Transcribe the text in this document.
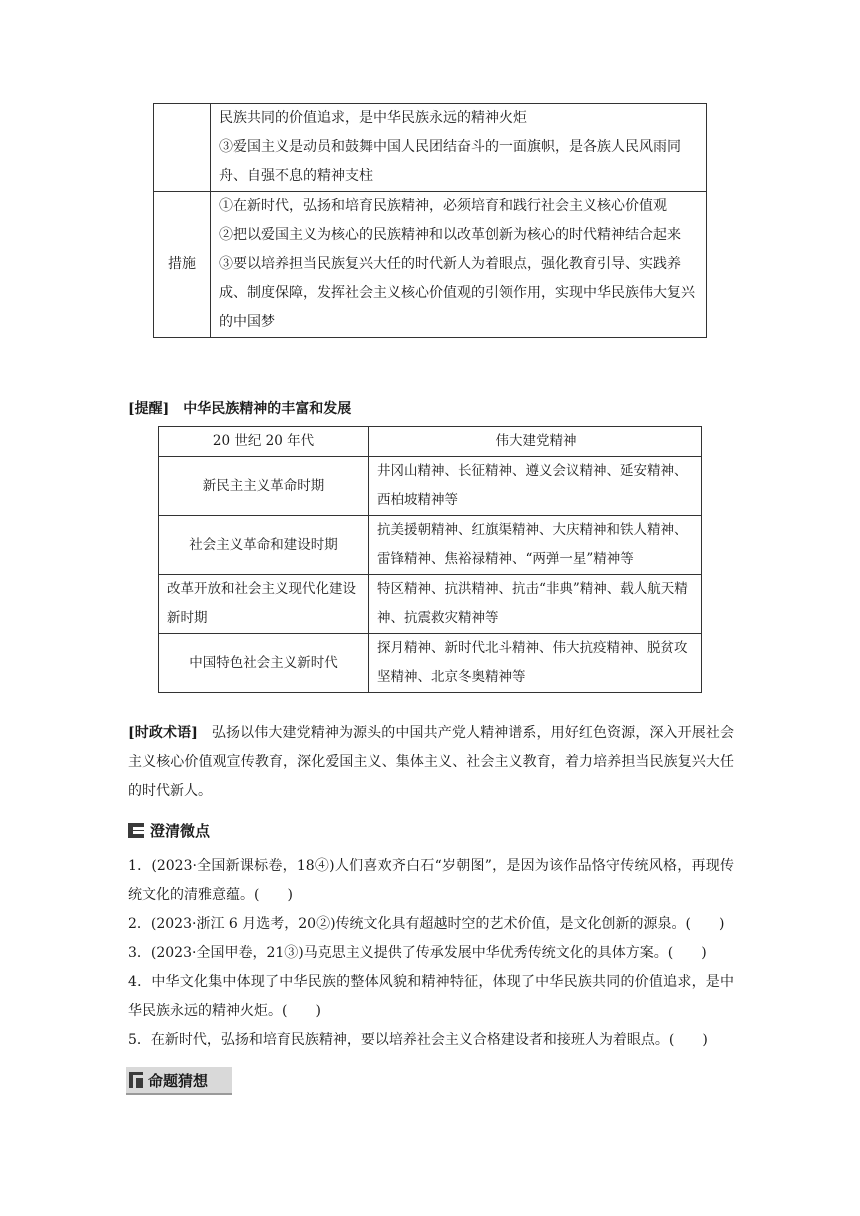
	民族共同的价值追求，是中华民族永远的精神火炬
③爱国主义是动员和鼓舞中国人民团结奋斗的一面旗帜，是各族人民风雨同舟、自强不息的精神支柱

措施	①在新时代，弘扬和培育民族精神，必须培育和践行社会主义核心价值观
②把以爱国主义为核心的民族精神和以改革创新为核心的时代精神结合起来
③要以培养担当民族复兴大任的时代新人为着眼点，强化教育引导、实践养成、制度保障，发挥社会主义核心价值观的引领作用，实现中华民族伟大复兴的中国梦
[提醒] 中华民族精神的丰富和发展
20 世纪 20 年代	伟大建党精神
新民主主义革命时期	井冈山精神、长征精神、遵义会议精神、延安精神、西柏坡精神等
社会主义革命和建设时期	抗美援朝精神、红旗渠精神、大庆精神和铁人精神、雷锋精神、焦裕禄精神、“两弹一星”精神等
改革开放和社会主义现代化建设新时期	特区精神、抗洪精神、抗击“非典”精神、载人航天精神、抗震救灾精神等
中国特色社会主义新时代	探月精神、新时代北斗精神、伟大抗疫精神、脱贫攻坚精神、北京冬奥精神等
[时政术语] 弘扬以伟大建党精神为源头的中国共产党人精神谱系，用好红色资源，深入开展社会主义核心价值观宣传教育，深化爱国主义、集体主义、社会主义教育，着力培养担当民族复兴大任的时代新人。
澄清微点
1．(2023·全国新课标卷，18④)人们喜欢齐白石“岁朝图”，是因为该作品恪守传统风格，再现传统文化的清雅意蕴。(　　)
2．(2023·浙江 6 月选考，20②)传统文化具有超越时空的艺术价值，是文化创新的源泉。(　　)
3．(2023·全国甲卷，21③)马克思主义提供了传承发展中华优秀传统文化的具体方案。(　　)
4．中华文化集中体现了中华民族的整体风貌和精神特征，体现了中华民族共同的价值追求，是中华民族永远的精神火炬。(　　)
5．在新时代，弘扬和培育民族精神，要以培养社会主义合格建设者和接班人为着眼点。(　　)
命题猜想
